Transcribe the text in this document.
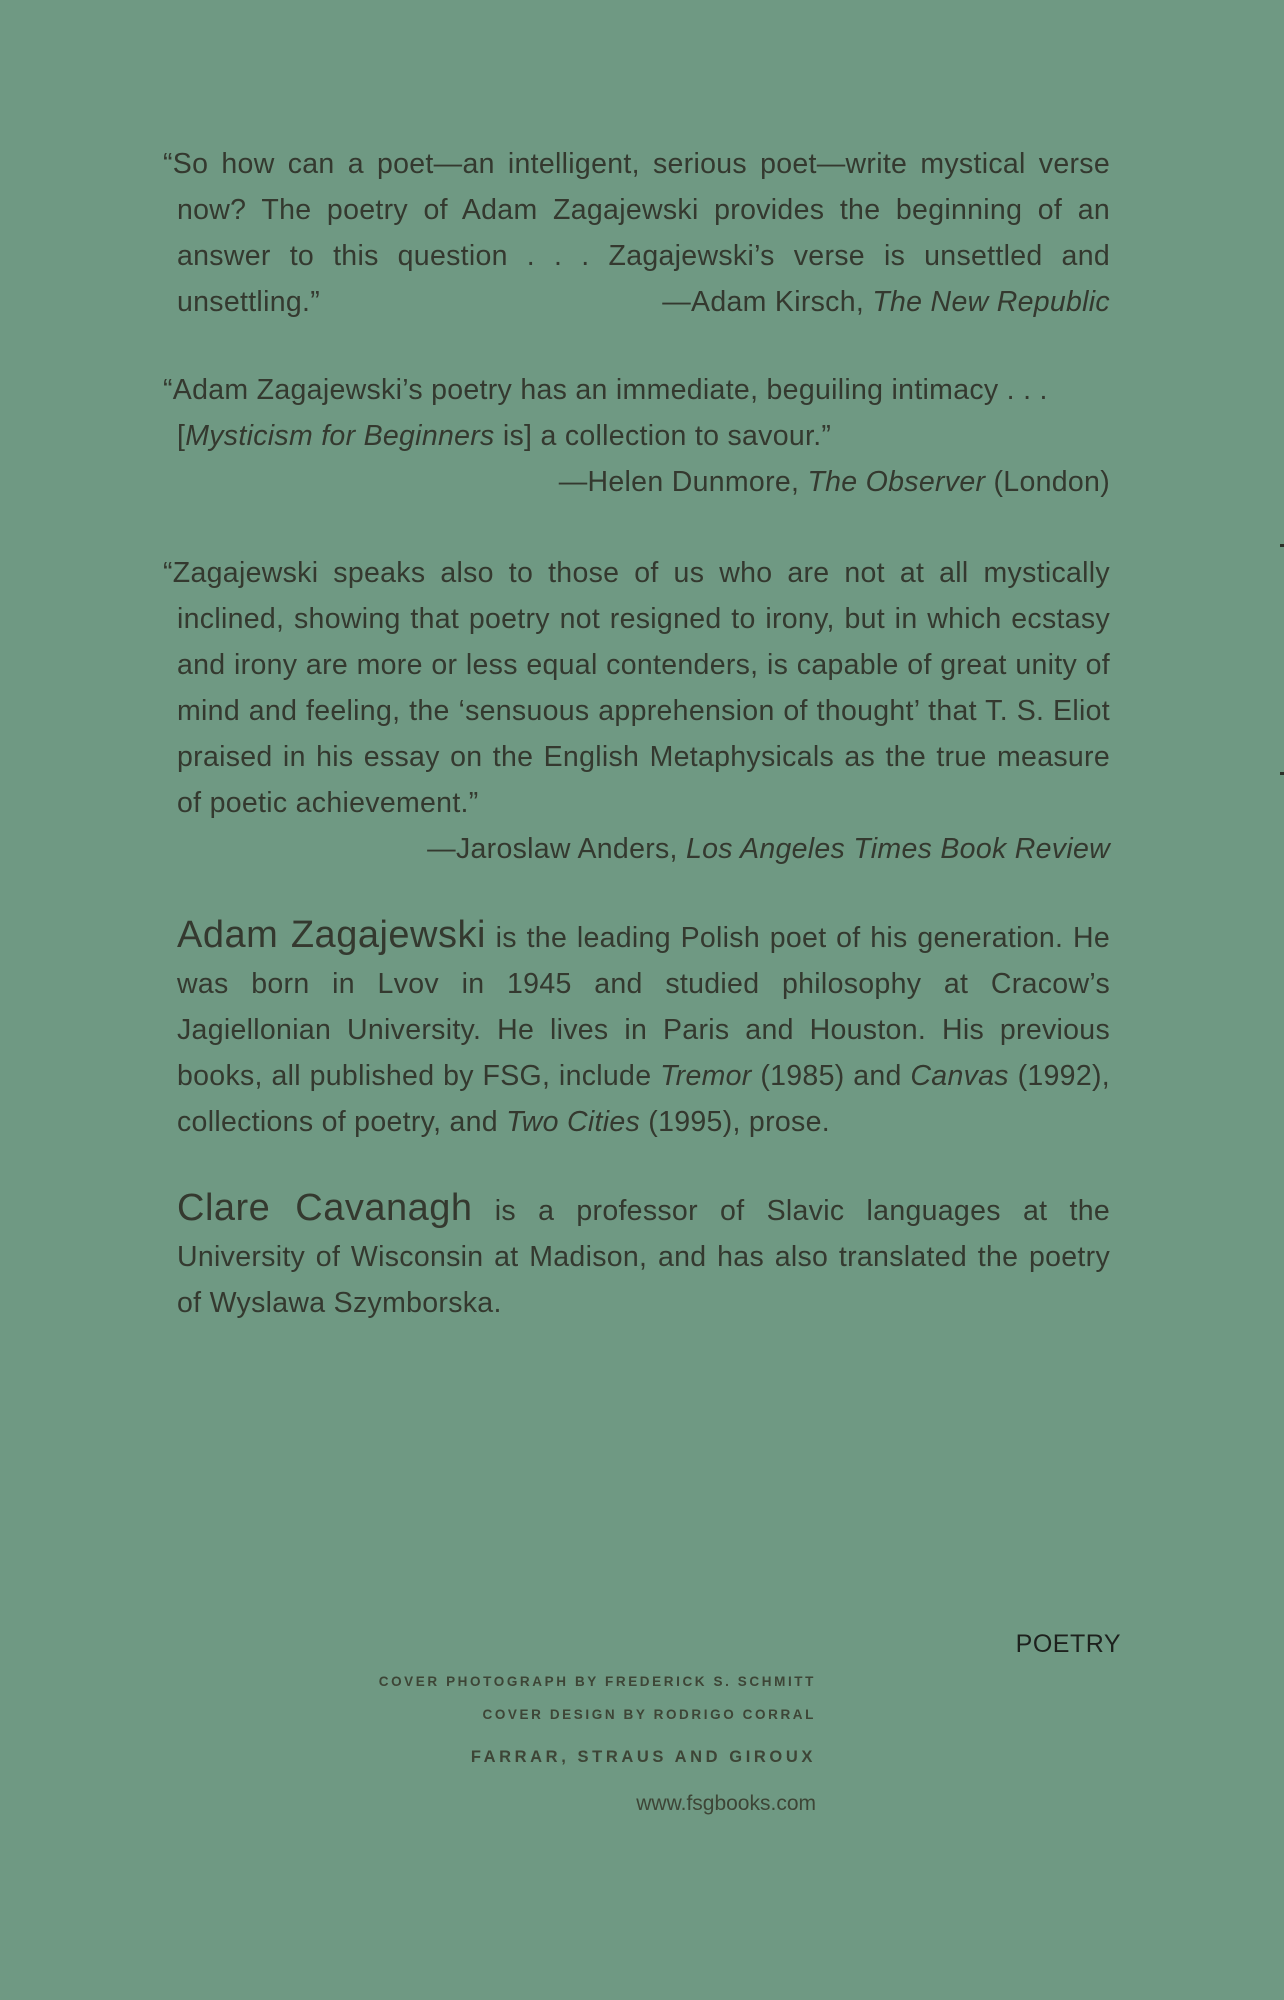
“So how can a poet—an intelligent, serious poet—write mystical verse now? The poetry of Adam Zagajewski provides the beginning of an answer to this question . . . Zagajewski’s verse is unsettled and unsettling.”	—Adam Kirsch, The New Republic
“Adam Zagajewski’s poetry has an immediate, beguiling intimacy . . . [Mysticism for Beginners is] a collection to savour.”
—Helen Dunmore, The Observer (London)
“Zagajewski speaks also to those of us who are not at all mystically inclined, showing that poetry not resigned to irony, but in which ecstasy and irony are more or less equal contenders, is capable of great unity of mind and feeling, the ‘sensuous apprehension of thought’ that T. S. Eliot praised in his essay on the English Metaphysicals as the true measure of poetic achievement.”
—Jaroslaw Anders, Los Angeles Times Book Review
Adam Zagajewski is the leading Polish poet of his generation. He was born in Lvov in 1945 and studied philosophy at Cracow’s Jagiellonian University. He lives in Paris and Houston. His previous books, all published by FSG, include Tremor (1985) and Canvas (1992), collections of poetry, and Two Cities (1995), prose.
Clare Cavanagh is a professor of Slavic languages at the University of Wisconsin at Madison, and has also translated the poetry of Wyslawa Szymborska.
POETRY
COVER PHOTOGRAPH BY FREDERICK S. SCHMITT
COVER DESIGN BY RODRIGO CORRAL
FARRAR, STRAUS AND GIROUX
www.fsgbooks.com
